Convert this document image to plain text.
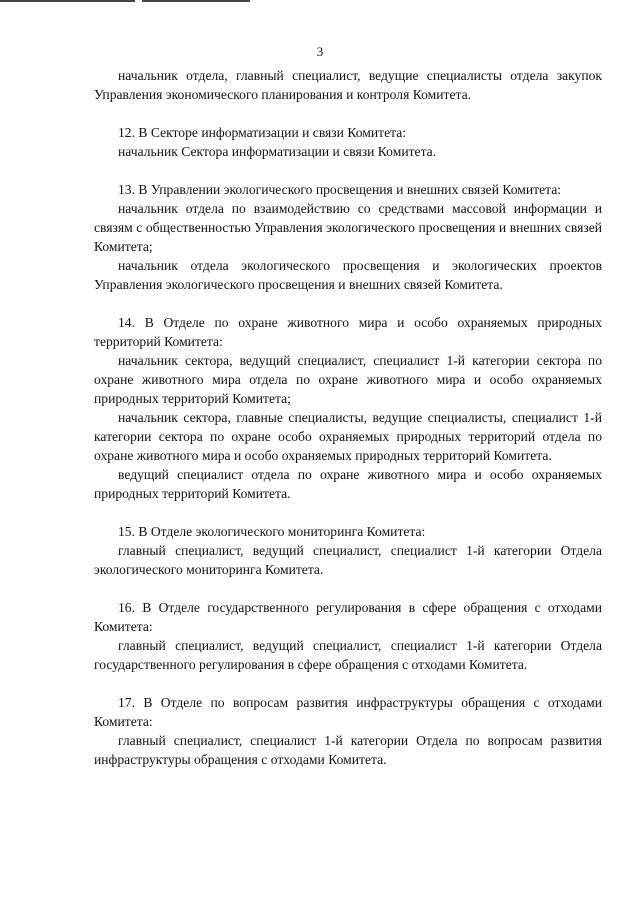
3

начальник отдела, главный специалист, ведущие специалисты отдела закупок Управления экономического планирования и контроля Комитета.

12. В Секторе информатизации и связи Комитета:

начальник Сектора информатизации и связи Комитета.

13. В Управлении экологического просвещения и внешних связей Комитета:

начальник отдела по взаимодействию со средствами массовой информации и связям с общественностью Управления экологического просвещения и внешних связей Комитета;

начальник отдела экологического просвещения и экологических проектов Управления экологического просвещения и внешних связей Комитета.

14. В Отделе по охране животного мира и особо охраняемых природных территорий Комитета:

начальник сектора, ведущий специалист, специалист 1-й категории сектора по охране животного мира отдела по охране животного мира и особо охраняемых природных территорий Комитета;

начальник сектора, главные специалисты, ведущие специалисты, специалист 1-й категории сектора по охране особо охраняемых природных территорий отдела по охране животного мира и особо охраняемых природных территорий Комитета.

ведущий специалист отдела по охране животного мира и особо охраняемых природных территорий Комитета.

15. В Отделе экологического мониторинга Комитета:

главный специалист, ведущий специалист, специалист 1-й категории Отдела экологического мониторинга Комитета.

16. В Отделе государственного регулирования в сфере обращения с отходами Комитета:

главный специалист, ведущий специалист, специалист 1-й категории Отдела государственного регулирования в сфере обращения с отходами Комитета.

17. В Отделе по вопросам развития инфраструктуры обращения с отходами Комитета:

главный специалист, специалист 1-й категории Отдела по вопросам развития инфраструктуры обращения с отходами Комитета.
